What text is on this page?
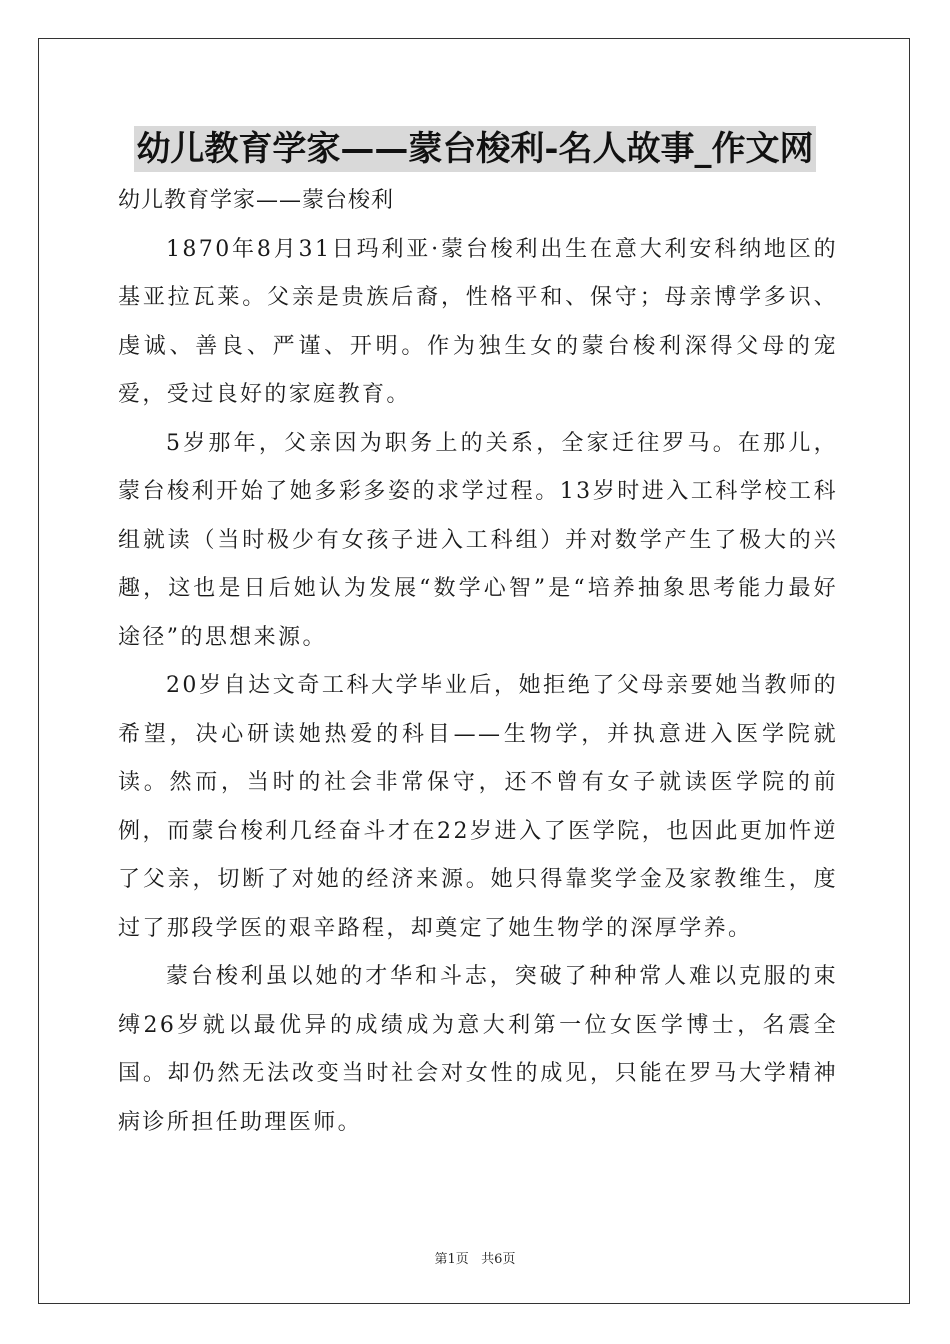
幼儿教育学家——蒙台梭利-名人故事_作文网

幼儿教育学家——蒙台梭利

1870年8月31日玛利亚·蒙台梭利出生在意大利安科纳地区的基亚拉瓦莱。父亲是贵族后裔，性格平和、保守；母亲博学多识、虔诚、善良、严谨、开明。作为独生女的蒙台梭利深得父母的宠爱，受过良好的家庭教育。

5岁那年，父亲因为职务上的关系，全家迁往罗马。在那儿，蒙台梭利开始了她多彩多姿的求学过程。13岁时进入工科学校工科组就读（当时极少有女孩子进入工科组）并对数学产生了极大的兴趣，这也是日后她认为发展“数学心智”是“培养抽象思考能力最好途径”的思想来源。

20岁自达文奇工科大学毕业后，她拒绝了父母亲要她当教师的希望，决心研读她热爱的科目——生物学，并执意进入医学院就读。然而，当时的社会非常保守，还不曾有女子就读医学院的前例，而蒙台梭利几经奋斗才在22岁进入了医学院，也因此更加忤逆了父亲，切断了对她的经济来源。她只得靠奖学金及家教维生，度过了那段学医的艰辛路程，却奠定了她生物学的深厚学养。

蒙台梭利虽以她的才华和斗志，突破了种种常人难以克服的束缚26岁就以最优异的成绩成为意大利第一位女医学博士，名震全国。却仍然无法改变当时社会对女性的成见，只能在罗马大学精神病诊所担任助理医师。

第1页   共6页
